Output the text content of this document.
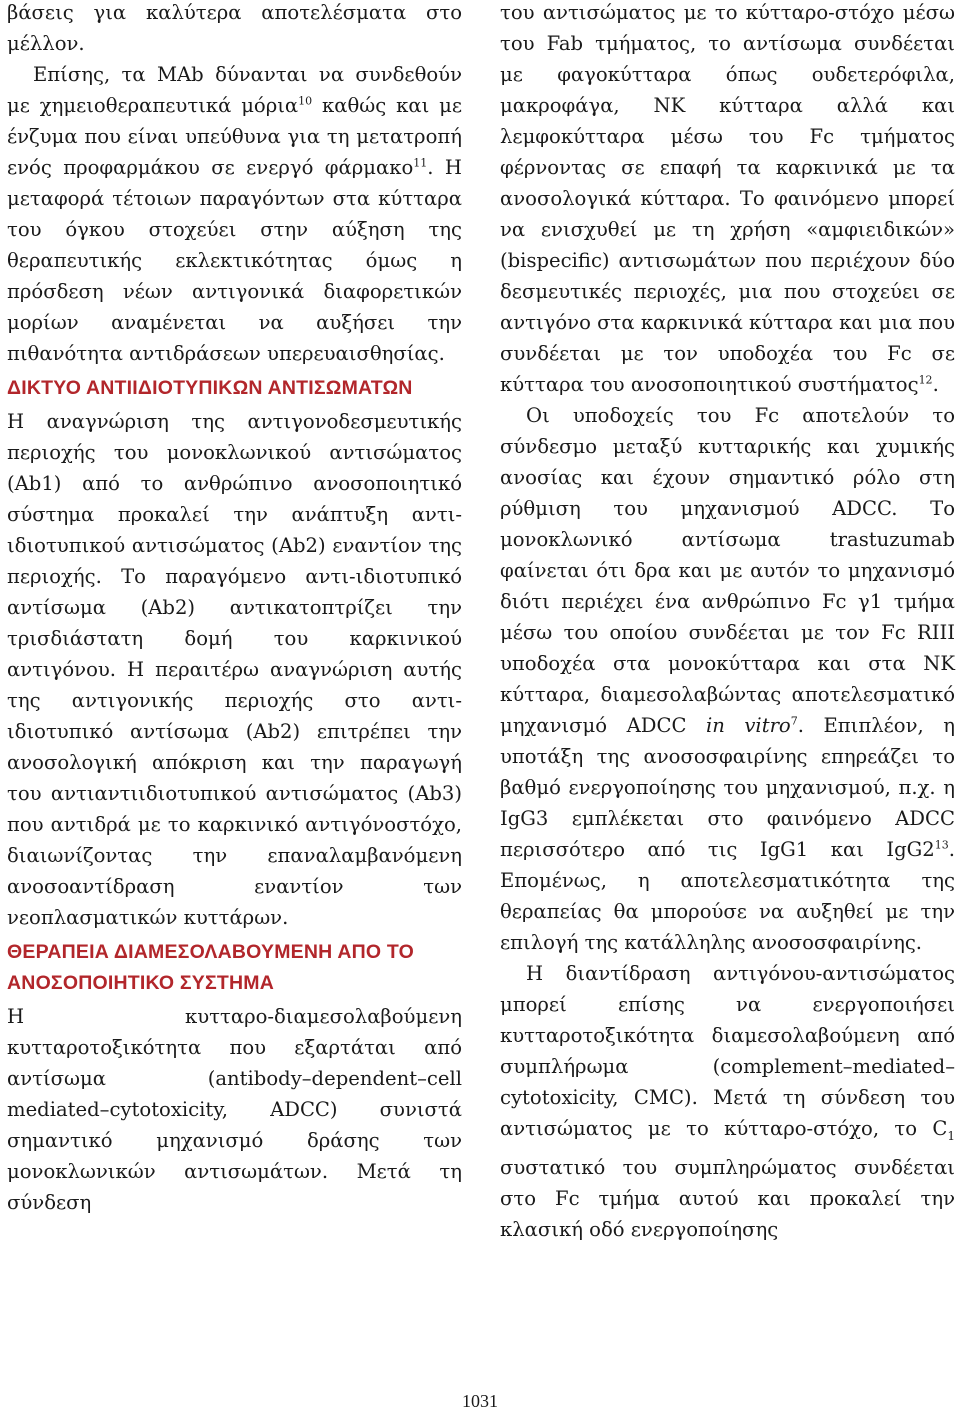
βάσεις για καλύτερα αποτελέσματα στο μέλλον.

Επίσης, τα MAb δύνανται να συνδεθούν με χημειοθεραπευτικά μόρια$^{10}$ καθώς και με ένζυμα που είναι υπεύθυνα για τη μετατροπή ενός προφαρμάκου σε ενεργό φάρμακο$^{11}$. Η μεταφορά τέτοιων παραγόντων στα κύτταρα του όγκου στοχεύει στην αύξηση της θεραπευτικής εκλεκτικότητας όμως η πρόσδεση νέων αντιγονικά διαφορετικών μορίων αναμένεται να αυξήσει την πιθανότητα αντιδράσεων υπερευαισθησίας.

ΔΙΚΤΥΟ ΑΝΤΙΙΔΙΟΤΥΠΙΚΩΝ ΑΝΤΙΣΩΜΑΤΩΝ

Η αναγνώριση της αντιγονοδεσμευτικής περιοχής του μονοκλωνικού αντισώματος (Ab1) από το ανθρώπινο ανοσοποιητικό σύστημα προκαλεί την ανάπτυξη αντι-ιδιοτυπικού αντισώματος (Ab2) εναντίον της περιοχής. Το παραγόμενο αντι-ιδιοτυπικό αντίσωμα (Ab2) αντικατοπτρίζει την τρισδιάστατη δομή του καρκινικού αντιγόνου. Η περαιτέρω αναγνώριση αυτής της αντιγονικής περιοχής στο αντι-ιδιοτυπικό αντίσωμα (Ab2) επιτρέπει την ανοσολογική απόκριση και την παραγωγή του αντιαντιιδιοτυπικού αντισώματος (Ab3) που αντιδρά με το καρκινικό αντιγόνοστόχο, διαιωνίζοντας την επαναλαμβανόμενη ανοσοαντίδραση εναντίον των νεοπλασματικών κυττάρων.

ΘΕΡΑΠΕΙΑ ΔΙΑΜΕΣΟΛΑΒΟΥΜΕΝΗ ΑΠΟ ΤΟ ΑΝΟΣΟΠΟΙΗΤΙΚΟ ΣΥΣΤΗΜΑ

Η κυτταρο-διαμεσολαβούμενη κυτταροτοξικότητα που εξαρτάται από αντίσωμα (antibody–dependent–cell mediated–cytotoxicity, ADCC) συνιστά σημαντικό μηχανισμό δράσης των μονοκλωνικών αντισωμάτων. Μετά τη σύνδεση

του αντισώματος με το κύτταρο-στόχο μέσω του Fab τμήματος, το αντίσωμα συνδέεται με φαγοκύτταρα όπως ουδετερόφιλα, μακροφάγα, NK κύτταρα αλλά και λεμφοκύτταρα μέσω του Fc τμήματος φέρνοντας σε επαφή τα καρκινικά με τα ανοσολογικά κύτταρα. Το φαινόμενο μπορεί να ενισχυθεί με τη χρήση «αμφιειδικών» (bispecific) αντισωμάτων που περιέχουν δύο δεσμευτικές περιοχές, μια που στοχεύει σε αντιγόνο στα καρκινικά κύτταρα και μια που συνδέεται με τον υποδοχέα του Fc σε κύτταρα του ανοσοποιητικού συστήματος$^{12}$.

Οι υποδοχείς του Fc αποτελούν το σύνδεσμο μεταξύ κυτταρικής και χυμικής ανοσίας και έχουν σημαντικό ρόλο στη ρύθμιση του μηχανισμού ADCC. Το μονοκλωνικό αντίσωμα trastuzumab φαίνεται ότι δρα και με αυτόν το μηχανισμό διότι περιέχει ένα ανθρώπινο Fc γ1 τμήμα μέσω του οποίου συνδέεται με τον Fc RIII υποδοχέα στα μονοκύτταρα και στα NK κύτταρα, διαμεσολαβώντας αποτελεσματικό μηχανισμό ADCC in vitro$^7$. Επιπλέον, η υποτάξη της ανοσοσφαιρίνης επηρεάζει το βαθμό ενεργοποίησης του μηχανισμού, π.χ. η IgG3 εμπλέκεται στο φαινόμενο ADCC περισσότερο από τις IgG1 και $IgG2^{13}$. Επομένως, η αποτελεσματικότητα της θεραπείας θα μπορούσε να αυξηθεί με την επιλογή της κατάλληλης ανοσοσφαιρίνης.

Η διαντίδραση αντιγόνου-αντισώματος μπορεί επίσης να ενεργοποιήσει κυτταροτοξικότητα διαμεσολαβούμενη από συμπλήρωμα (complement–mediated–cytotoxicity, CMC). Μετά τη σύνδεση του αντισώματος με το κύτταρο-στόχο, το $C_1$ συστατικό του συμπληρώματος συνδέεται στο Fc τμήμα αυτού και προκαλεί την κλασική οδό ενεργοποίησης

1031
